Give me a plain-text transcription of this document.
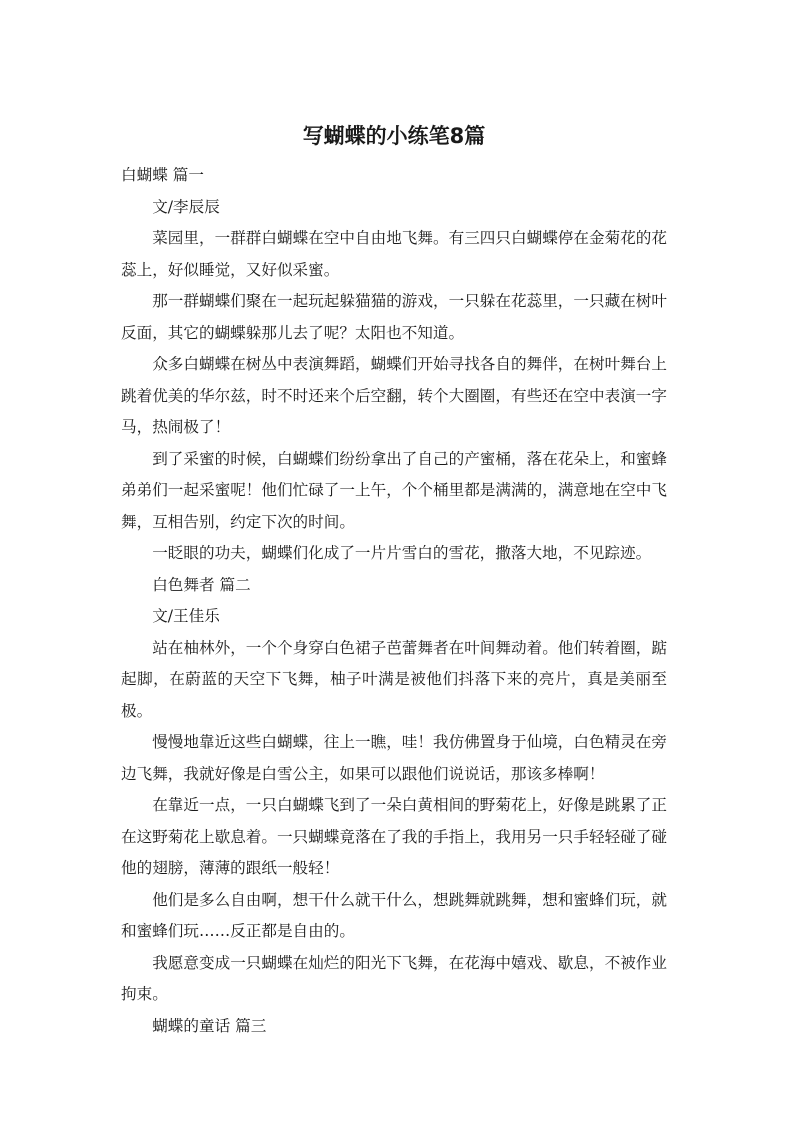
写蝴蝶的小练笔8篇

白蝴蝶 篇一

文/李辰辰

菜园里，一群群白蝴蝶在空中自由地飞舞。有三四只白蝴蝶停在金菊花的花蕊上，好似睡觉，又好似采蜜。

那一群蝴蝶们聚在一起玩起躲猫猫的游戏，一只躲在花蕊里，一只藏在树叶反面，其它的蝴蝶躲那儿去了呢？太阳也不知道。

众多白蝴蝶在树丛中表演舞蹈，蝴蝶们开始寻找各自的舞伴，在树叶舞台上跳着优美的华尔兹，时不时还来个后空翻，转个大圈圈，有些还在空中表演一字马，热闹极了！

到了采蜜的时候，白蝴蝶们纷纷拿出了自己的产蜜桶，落在花朵上，和蜜蜂弟弟们一起采蜜呢！他们忙碌了一上午，个个桶里都是满满的，满意地在空中飞舞，互相告别，约定下次的时间。

一眨眼的功夫，蝴蝶们化成了一片片雪白的雪花，撒落大地，不见踪迹。

白色舞者 篇二

文/王佳乐

站在柚林外，一个个身穿白色裙子芭蕾舞者在叶间舞动着。他们转着圈，踮起脚，在蔚蓝的天空下飞舞，柚子叶满是被他们抖落下来的亮片，真是美丽至极。

慢慢地靠近这些白蝴蝶，往上一瞧，哇！我仿佛置身于仙境，白色精灵在旁边飞舞，我就好像是白雪公主，如果可以跟他们说说话，那该多棒啊！

在靠近一点，一只白蝴蝶飞到了一朵白黄相间的野菊花上，好像是跳累了正在这野菊花上歇息着。一只蝴蝶竟落在了我的手指上，我用另一只手轻轻碰了碰他的翅膀，薄薄的跟纸一般轻！

他们是多么自由啊，想干什么就干什么，想跳舞就跳舞，想和蜜蜂们玩，就和蜜蜂们玩……反正都是自由的。

我愿意变成一只蝴蝶在灿烂的阳光下飞舞，在花海中嬉戏、歇息，不被作业拘束。

蝴蝶的童话 篇三
